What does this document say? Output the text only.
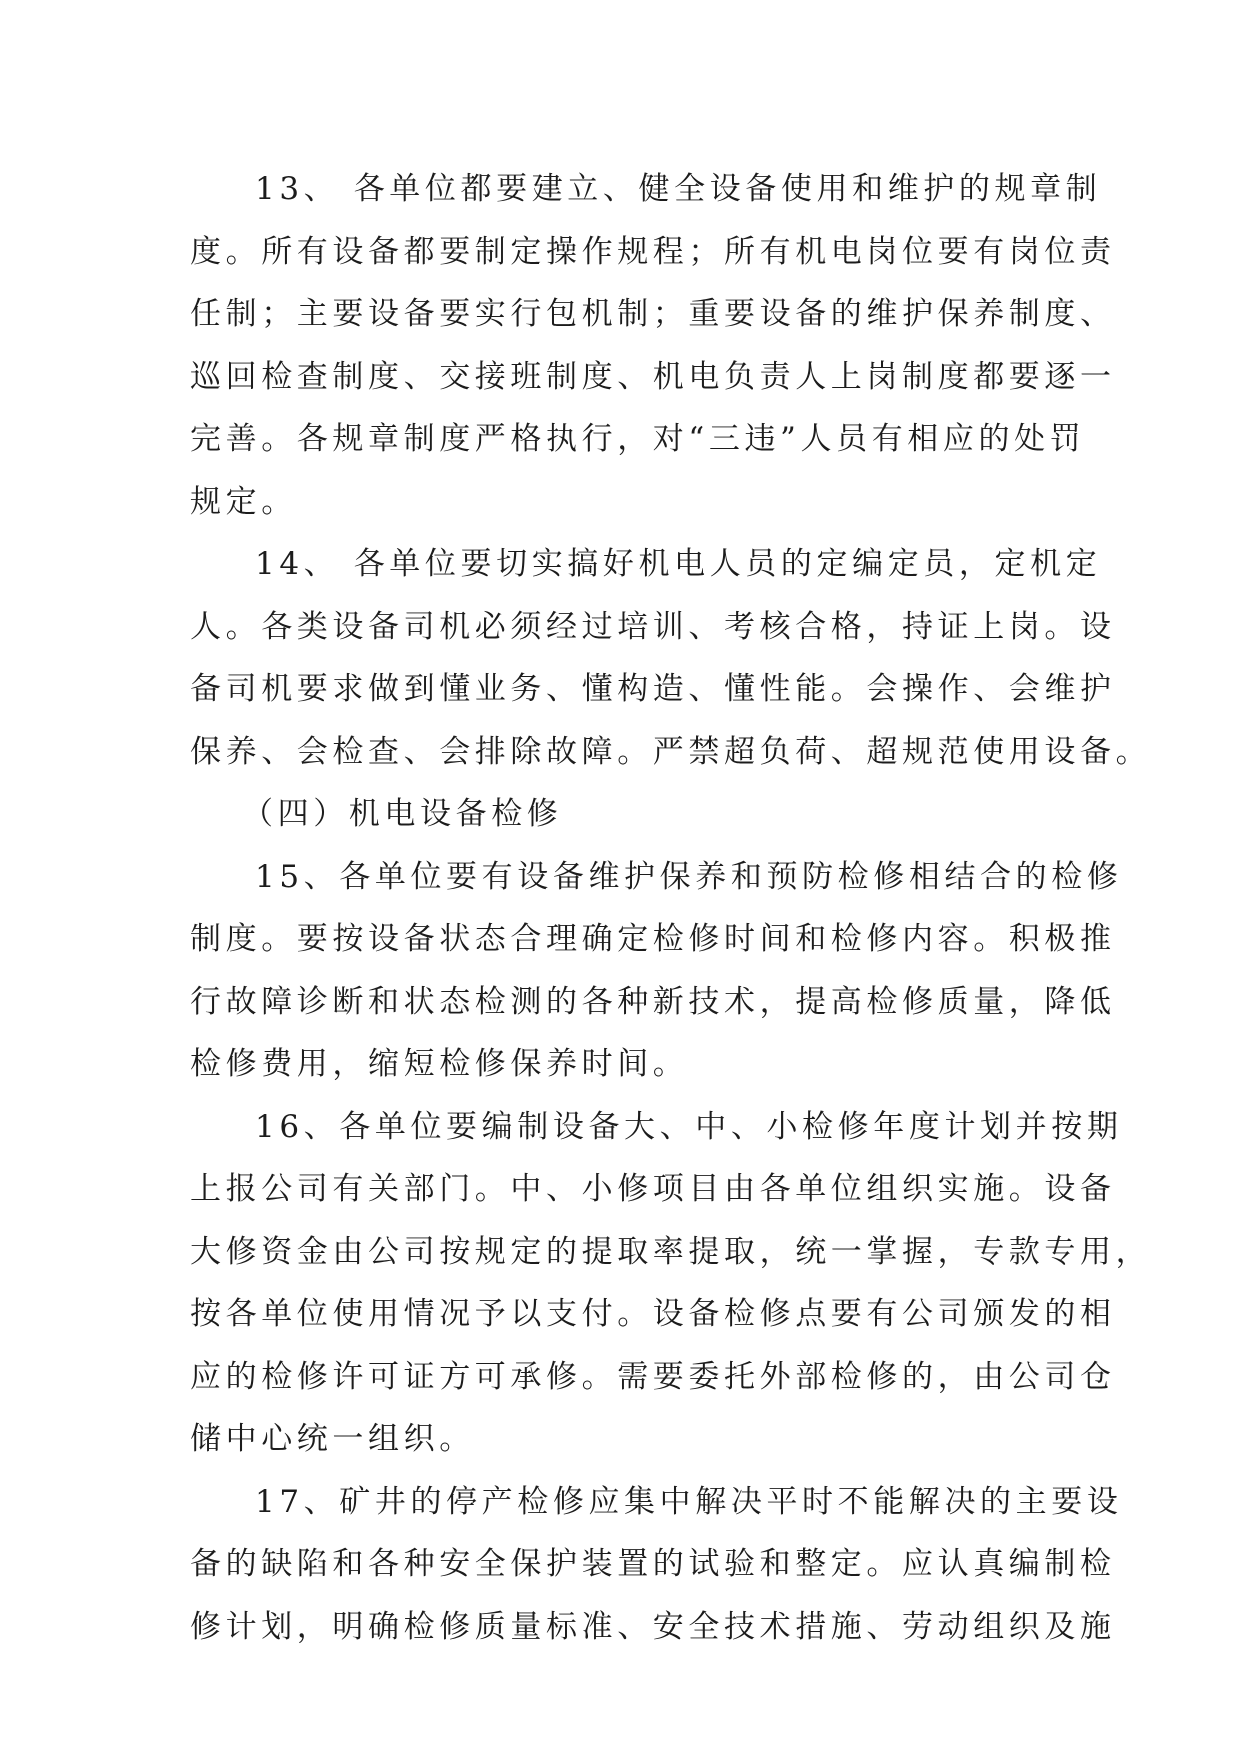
13、 各单位都要建立、健全设备使用和维护的规章制
度。所有设备都要制定操作规程；所有机电岗位要有岗位责
任制；主要设备要实行包机制；重要设备的维护保养制度、
巡回检查制度、交接班制度、机电负责人上岗制度都要逐一
完善。各规章制度严格执行，对“三违”人员有相应的处罚
规定。
14、 各单位要切实搞好机电人员的定编定员，定机定
人。各类设备司机必须经过培训、考核合格，持证上岗。设
备司机要求做到懂业务、懂构造、懂性能。会操作、会维护
保养、会检查、会排除故障。严禁超负荷、超规范使用设备。
（四）机电设备检修
15、各单位要有设备维护保养和预防检修相结合的检修
制度。要按设备状态合理确定检修时间和检修内容。积极推
行故障诊断和状态检测的各种新技术，提高检修质量，降低
检修费用，缩短检修保养时间。
16、各单位要编制设备大、中、小检修年度计划并按期
上报公司有关部门。中、小修项目由各单位组织实施。设备
大修资金由公司按规定的提取率提取，统一掌握，专款专用，
按各单位使用情况予以支付。设备检修点要有公司颁发的相
应的检修许可证方可承修。需要委托外部检修的，由公司仓
储中心统一组织。
17、矿井的停产检修应集中解决平时不能解决的主要设
备的缺陷和各种安全保护装置的试验和整定。应认真编制检
修计划，明确检修质量标准、安全技术措施、劳动组织及施
